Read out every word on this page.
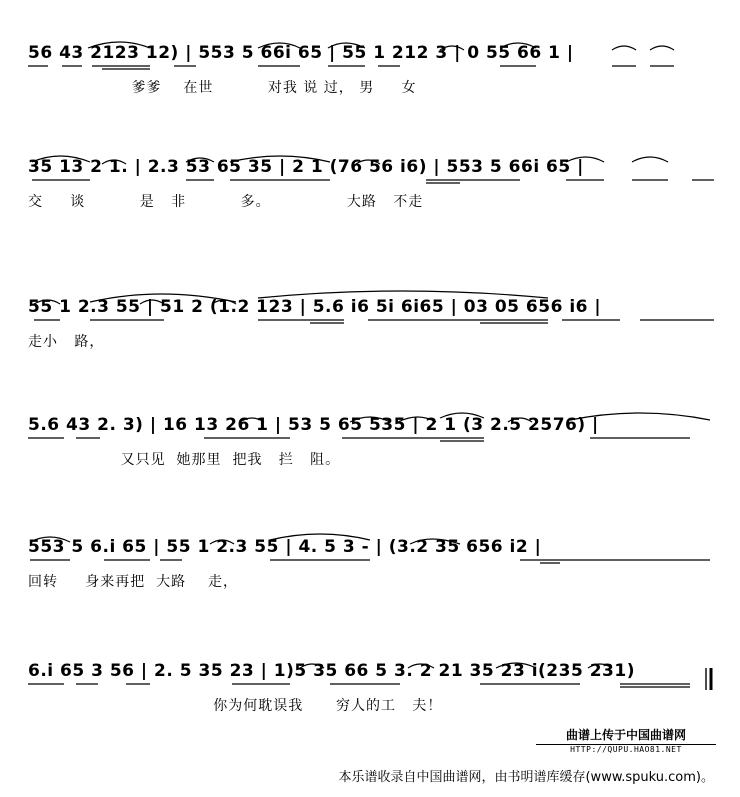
56 43 2123 12) | 553 5 66i 65 | 55 1 212 3 | 0 55 66 1 |
爹爹    在世          对我 说 过， 男     女
35 13 2 1. | 2.3 53 65 35 | 2 1 (76 56 i6) | 553 5 66i 65 |
交     谈          是   非          多。              大路   不走
55 1 2.3 55 | 51 2 (1.2 123 | 5.6 i6 5i 6i65 | 03 05 656 i6 |
走小   路，
5.6 43 2. 3) | 16 13 26 1 | 53 5 65 535 | 2 1 (3 2.5 2576) |
又只见  她那里  把我   拦   阻。
553 5 6.i 65 | 55 1 2.3 55 | 4. 5 3 - | (3.2 35 656 i2 |
回转     身来再把  大路    走，
6.i 65 3 56 | 2. 5 35 23 | 1)5 35 66 5 3. 2 21 35 23 i(235 231)
你为何耽误我      穷人的工   夫！
曲谱上传于中国曲谱网
HTTP://QUPU.HAO81.NET
本乐谱收录自中国曲谱网，由书明谱库缓存(www.spuku.com)。
